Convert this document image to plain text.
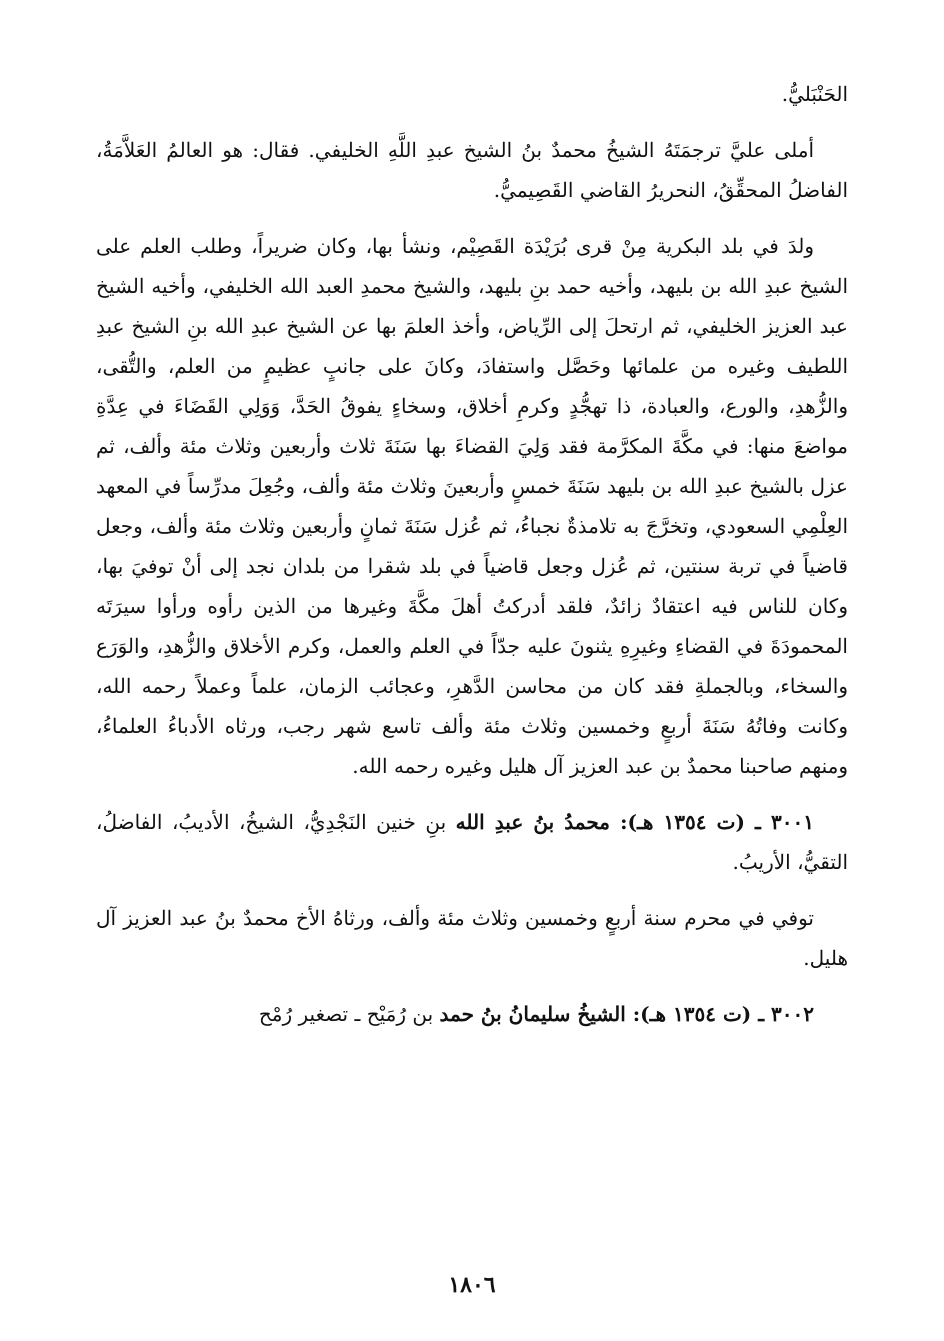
الحَنْبَليُّ.

أملى عليَّ ترجمَتَهُ الشيخُ محمدٌ بنُ الشيخ عبدِ اللَّهِ الخليفي. فقال: هو العالمُ العَلاَّمَةُ، الفاضلُ المحقِّقُ، النحريرُ القاضي القَصِيميُّ.

ولدَ في بلد البكرية مِنْ قرى بُرَيْدَة القَصِيْم، ونشأ بها، وكان ضريراً، وطلب العلم على الشيخ عبدِ الله بن بليهد، وأخيه حمد بنِ بليهد، والشيخ محمدِ العبد الله الخليفي، وأخيه الشيخ عبد العزيز الخليفي، ثم ارتحلَ إلى الرِّياض، وأخذ العلمَ بها عن الشيخ عبدِ الله بنِ الشيخ عبدِ اللطيف وغيره من علمائها وحَصَّل واستفادَ، وكانَ على جانبٍ عظيمٍ من العلم، والتُّقى، والزُّهدِ، والورع، والعبادة، ذا تهجُّدٍ وكرمِ أخلاق، وسخاءٍ يفوقُ الحَدَّ، وَوَلِي القَضَاءَ في عِدَّةِ مواضعَ منها: في مكَّةَ المكرَّمة فقد وَلِيَ القضاءَ بها سَنَةَ ثلاث وأربعين وثلاث مئة وألف، ثم عزل بالشيخ عبدِ الله بن بليهد سَنَةَ خمسٍ وأربعينَ وثلاث مئة وألف، وجُعِلَ مدرِّساً في المعهد العِلْمِي السعودي، وتخرَّجَ به تلامذةٌ نجباءُ، ثم عُزل سَنَةَ ثمانٍ وأربعين وثلاث مئة وألف، وجعل قاضياً في تربة سنتين، ثم عُزل وجعل قاضياً في بلد شقرا من بلدان نجد إلى أنْ توفيَ بها، وكان للناس فيه اعتقادٌ زائدٌ، فلقد أدركتُ أهلَ مكَّةَ وغيرها من الذين رأوه ورأوا سيرَتَه المحمودَةَ في القضاءِ وغيرِهِ يثنونَ عليه جدّاً في العلم والعمل، وكرم الأخلاق والزُّهدِ، والوَرَع والسخاء، وبالجملةِ فقد كان من محاسن الدَّهرِ، وعجائب الزمان، علماً وعملاً رحمه الله، وكانت وفاتُهُ سَنَةَ أربعٍ وخمسين وثلاث مئة وألف تاسع شهر رجب، ورثاه الأدباءُ العلماءُ، ومنهم صاحبنا محمدٌ بن عبد العزيز آل هليل وغيره رحمه الله.

٣٠٠١ ـ (ت ١٣٥٤ هـ): محمدُ بنُ عبدِ الله بنِ خنين النَجْدِيُّ، الشيخُ، الأديبُ، الفاضلُ، التقيُّ، الأريبُ.

توفي في محرم سنة أربعٍ وخمسين وثلاث مئة وألف، ورثاهُ الأخ محمدٌ بنُ عبد العزيز آل هليل.

٣٠٠٢ ـ (ت ١٣٥٤ هـ): الشيخُ سليمانُ بنُ حمد بن رُمَيْح ـ تصغير رُمْح

١٨٠٦
